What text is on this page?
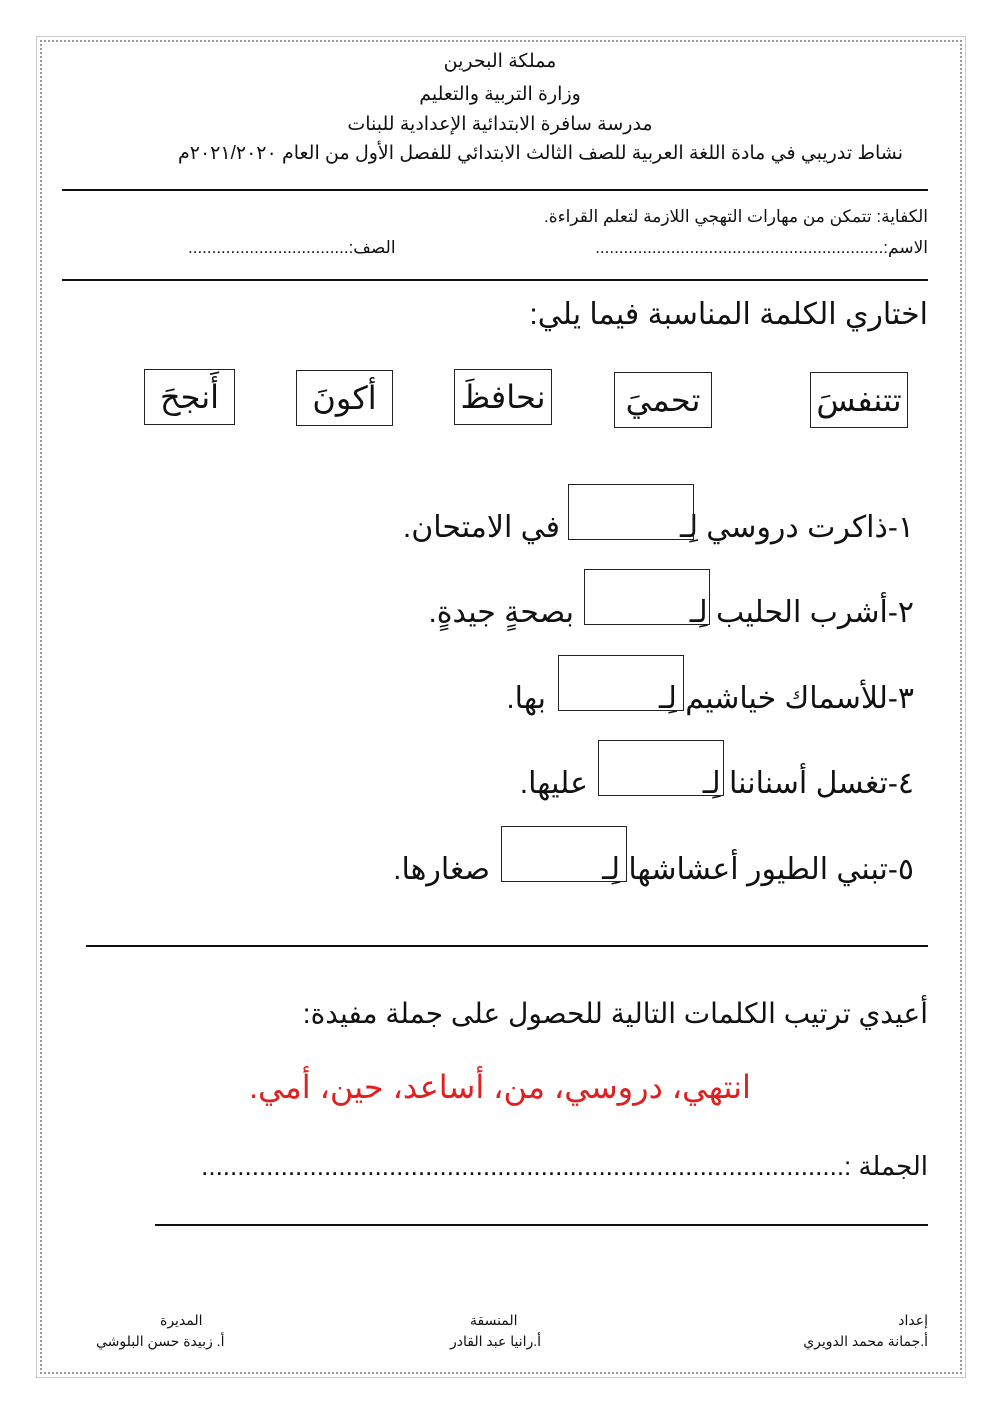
مملكة البحرين
وزارة التربية والتعليم
مدرسة سافرة الابتدائية الإعدادية للبنات
نشاط تدريبي في مادة اللغة العربية للصف الثالث الابتدائي للفصل الأول من العام ٢٠٢١/٢٠٢٠م
الكفاية: تتمكن من مهارات التهجي اللازمة لتعلم القراءة.
الاسم:.............................................................
الصف:..................................
اختاري الكلمة المناسبة فيما يلي:
تتنفسَ
تحميَ
نحافظَ
أكونَ
أَنجحَ
١-ذاكرت دروسي لِـ
في الامتحان.
٢-أشرب الحليب لِـ
بصحةٍ جيدةٍ.
٣-للأسماك خياشيم لِـ
بها.
٤-تغسل أسناننا لِـ
عليها.
٥-تبني الطيور أعشاشها لِـ
صغارها.
أعيدي ترتيب الكلمات التالية للحصول على جملة مفيدة:
انتهي، دروسي، من، أساعد، حين، أمي.
الجملة :.........................................................................................
إعداد
أ.جمانة محمد الدويري
المنسقة
أ.رانيا عبد القادر
المديرة
أ. زبيدة حسن البلوشي
